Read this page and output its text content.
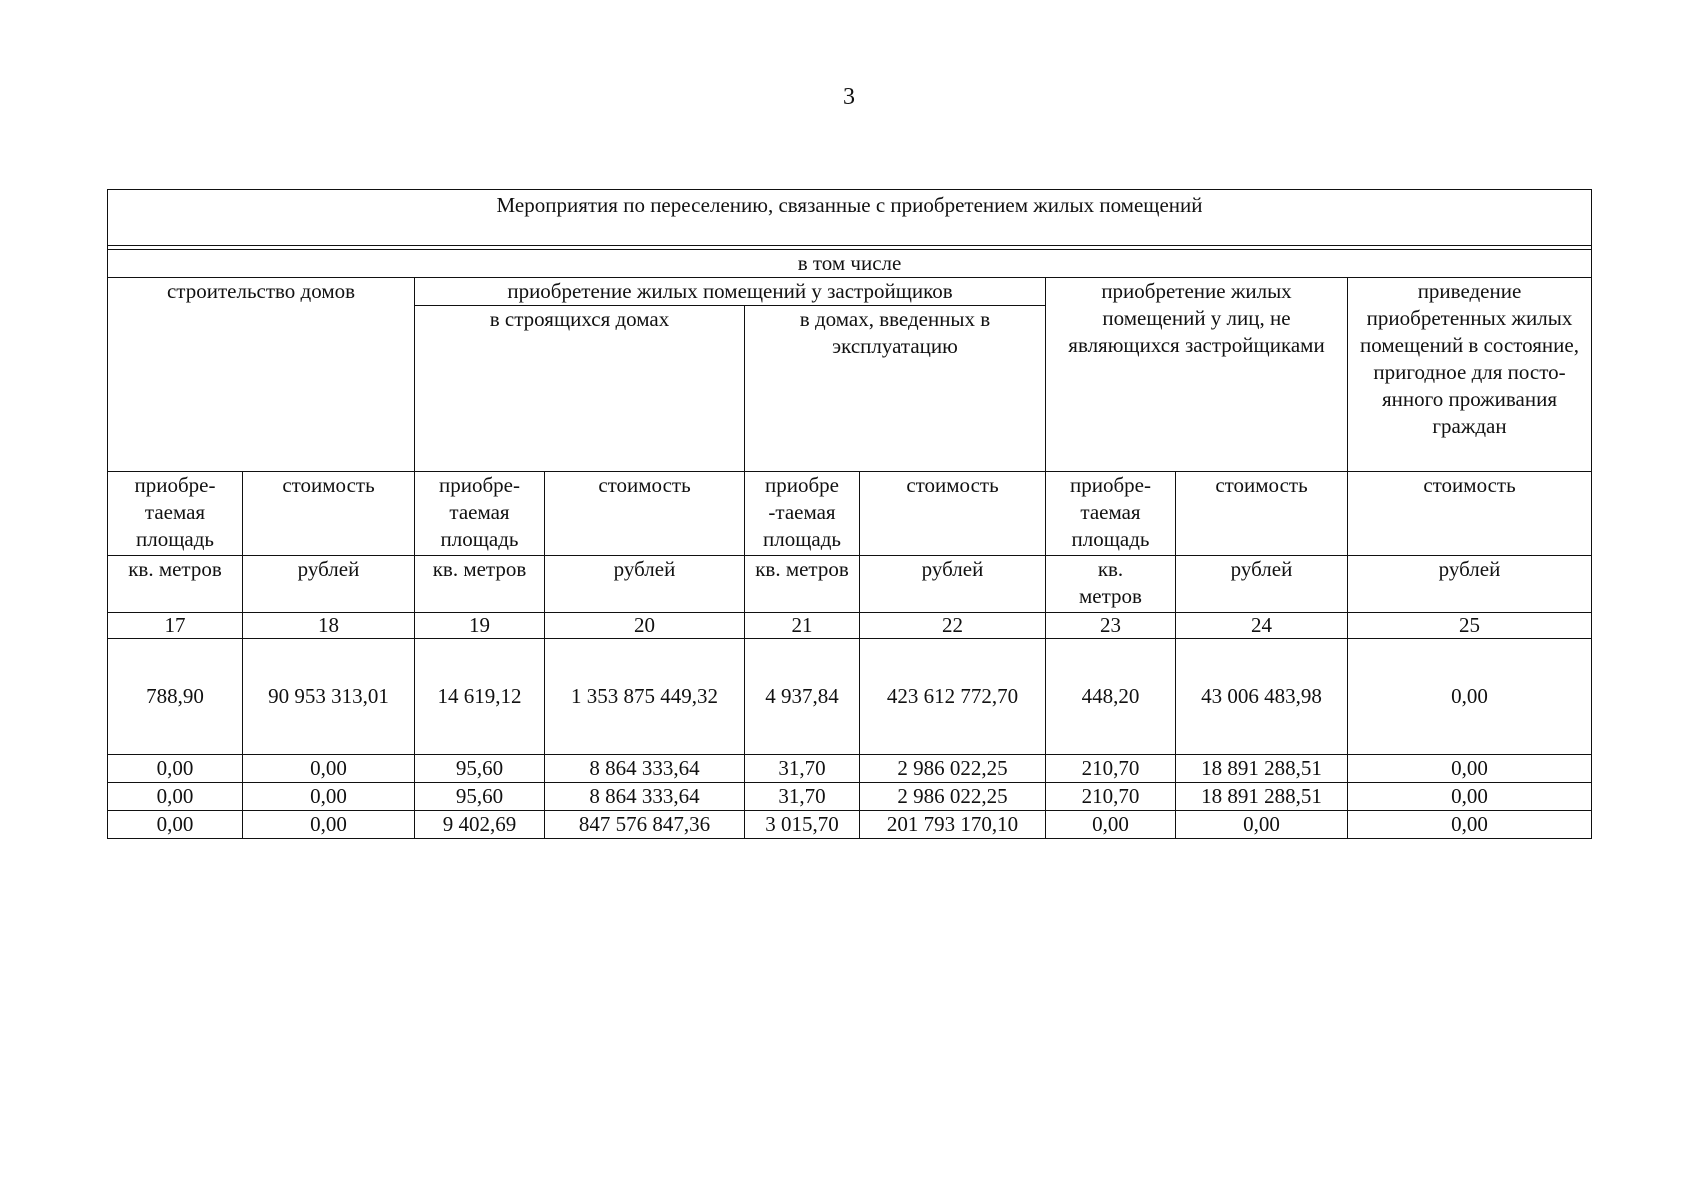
3
Мероприятия по переселению, связанные с приобретением жилых помещений								

в том числе								
строительство домов		приобретение жилых помещений у застройщиков				приобретение жилых помещений у лиц, не являющихся застройщиками		приведение приобретенных жилых помещений в состояние, пригодное для посто-янного проживания граждан
		в строящихся домах		в домах, введенных в эксплуатацию				
приобре-таемая площадь	стоимость	приобре-таемая площадь	стоимость	приобре -таемая площадь	стоимость	приобре-таемая площадь	стоимость	стоимость
кв. метров	рублей	кв. метров	рублей	кв. метров	рублей	кв. метров	рублей	рублей
17	18	19	20	21	22	23	24	25
788,90	90 953 313,01	14 619,12	1 353 875 449,32	4 937,84	423 612 772,70	448,20	43 006 483,98	0,00
0,00	0,00	95,60	8 864 333,64	31,70	2 986 022,25	210,70	18 891 288,51	0,00
0,00	0,00	95,60	8 864 333,64	31,70	2 986 022,25	210,70	18 891 288,51	0,00
0,00	0,00	9 402,69	847 576 847,36	3 015,70	201 793 170,10	0,00	0,00	0,00
